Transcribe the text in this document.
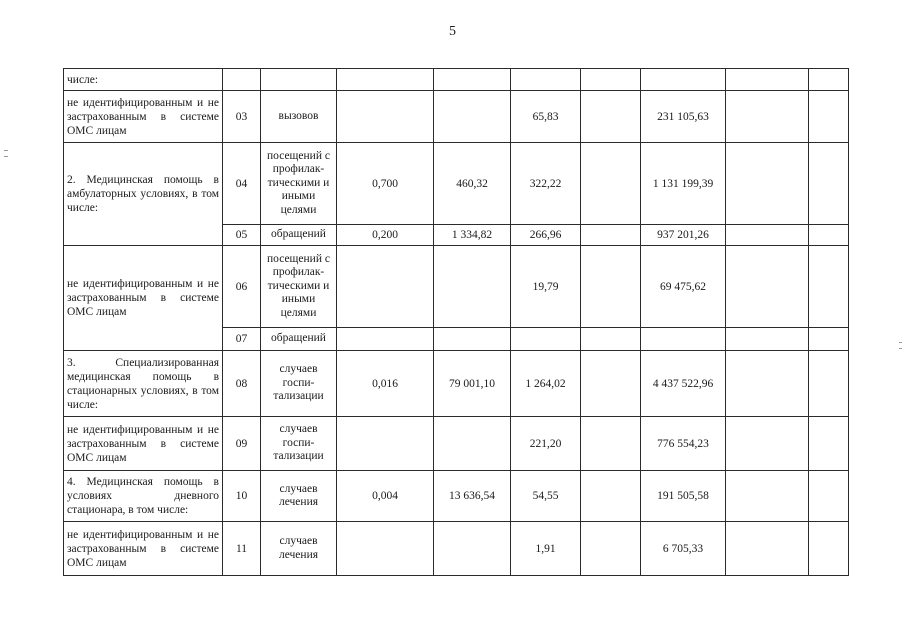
5
числе:									
не идентифицированным и не застрахованным в системе ОМС лицам	03	вызовов			65,83		231 105,63		
2. Медицинская помощь в амбулаторных условиях, в том числе:	04	посещений с профилак-тическими и иными целями	0,700	460,32	322,22		1 131 199,39		
	05	обращений	0,200	1 334,82	266,96		937 201,26		
не идентифицированным и не застрахованным в системе ОМС лицам	06	посещений с профилак-тическими и иными целями			19,79		69 475,62		
	07	обращений							
3. Специализированная медицинская помощь в стационарных условиях, в том числе:	08	случаев госпи-тализации	0,016	79 001,10	1 264,02		4 437 522,96		
не идентифицированным и не застрахованным в системе ОМС лицам	09	случаев госпи-тализации			221,20		776 554,23		
4. Медицинская помощь в условиях дневного стационара, в том числе:	10	случаев лечения	0,004	13 636,54	54,55		191 505,58		
не идентифицированным и не застрахованным в системе ОМС лицам	11	случаев лечения			1,91		6 705,33		
